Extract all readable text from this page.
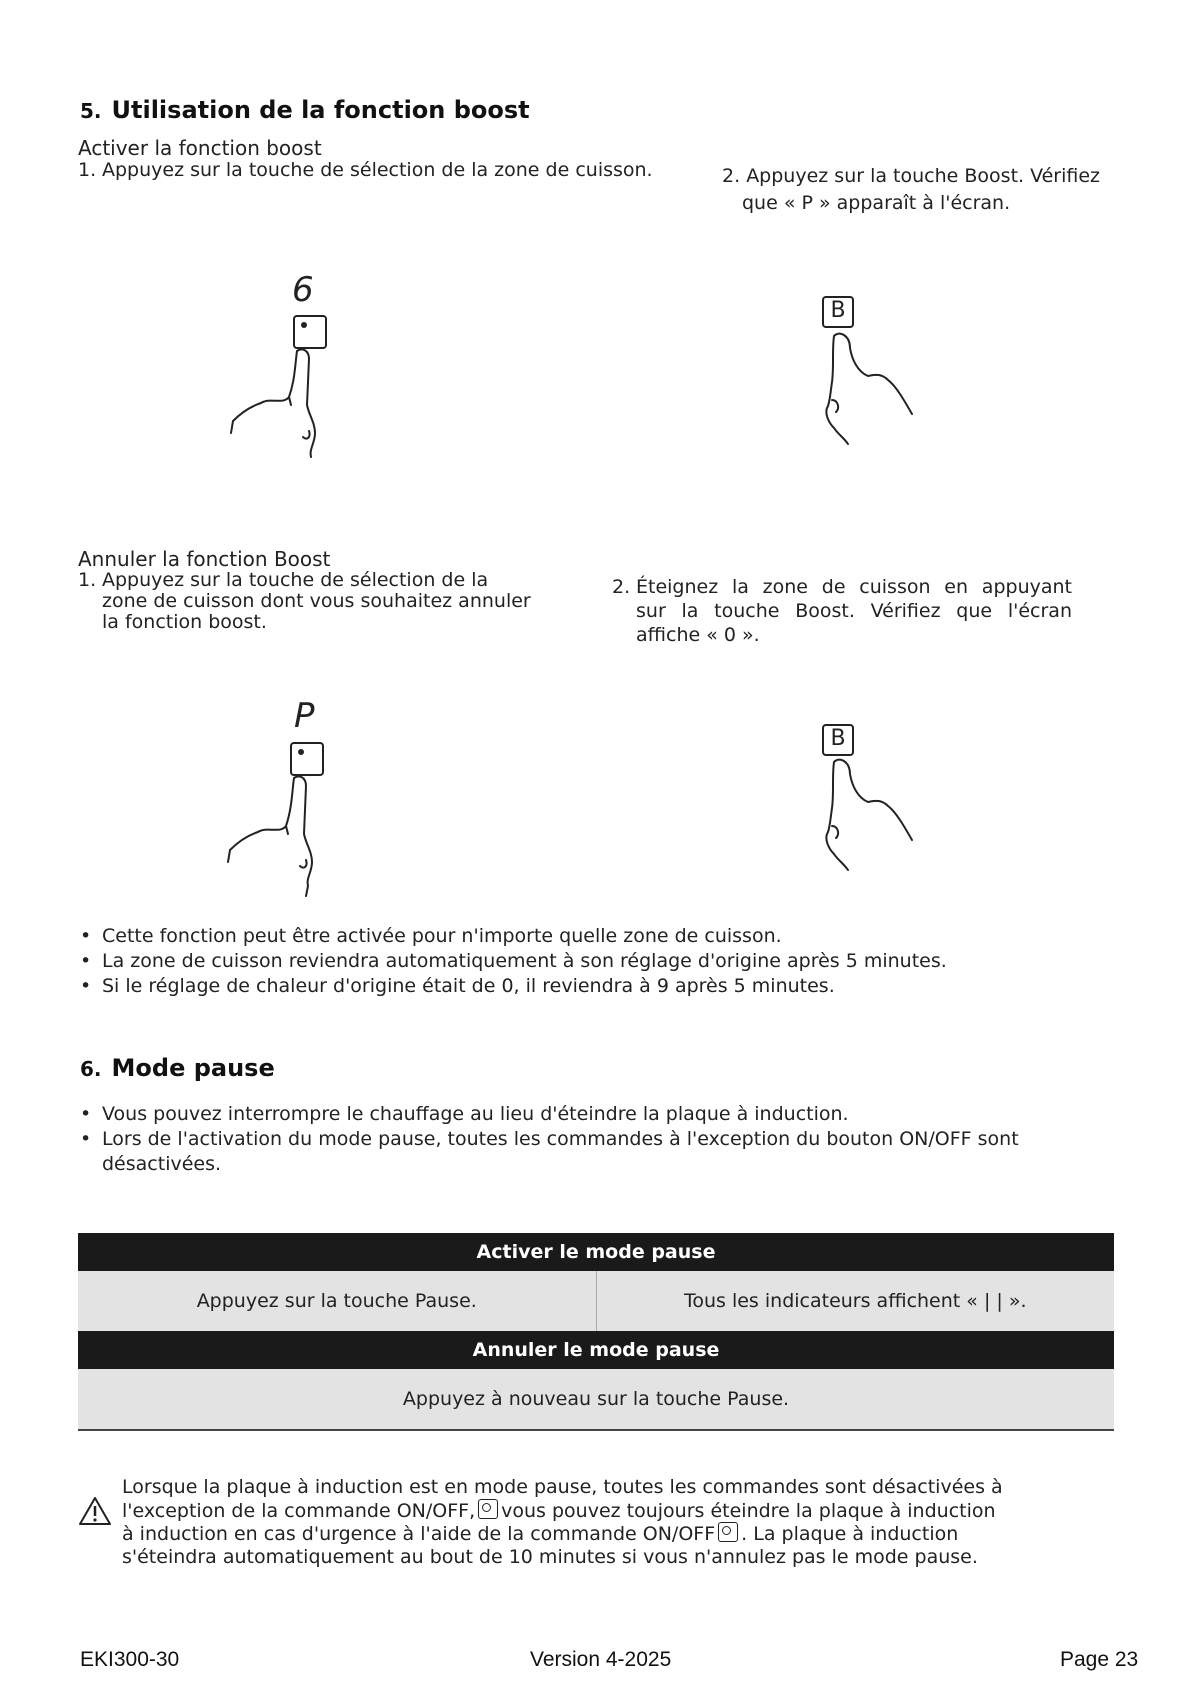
5. Utilisation de la fonction boost
Activer la fonction boost
1. Appuyez sur la touche de sélection de la zone de cuisson.	2. Appuyez sur la touche Boost. Vérifiez
que « P » apparaît à l'écran.
6
B
Annuler la fonction Boost
1. Appuyez sur la touche de sélection de la
zone de cuisson dont vous souhaitez annuler
la fonction boost.
2. Éteignez la zone de cuisson en appuyant
sur la touche Boost. Vérifiez que l'écran
affiche « 0 ».
P
B
• Cette fonction peut être activée pour n'importe quelle zone de cuisson.
• La zone de cuisson reviendra automatiquement à son réglage d'origine après 5 minutes.
• Si le réglage de chaleur d'origine était de 0, il reviendra à 9 après 5 minutes.
6. Mode pause
• Vous pouvez interrompre le chauffage au lieu d'éteindre la plaque à induction.
• Lors de l'activation du mode pause, toutes les commandes à l'exception du bouton ON/OFF sont désactivées.
Activer le mode pause
Appuyez sur la touche Pause.	Tous les indicateurs affichent « | | ».
Annuler le mode pause
Appuyez à nouveau sur la touche Pause.
Lorsque la plaque à induction est en mode pause, toutes les commandes sont désactivées à
l'exception de la commande ON/OFF, vous pouvez toujours éteindre la plaque à induction
à induction en cas d'urgence à l'aide de la commande ON/OFF . La plaque à induction
s'éteindra automatiquement au bout de 10 minutes si vous n'annulez pas le mode pause.
EKI300-30	Version 4-2025	Page 23
